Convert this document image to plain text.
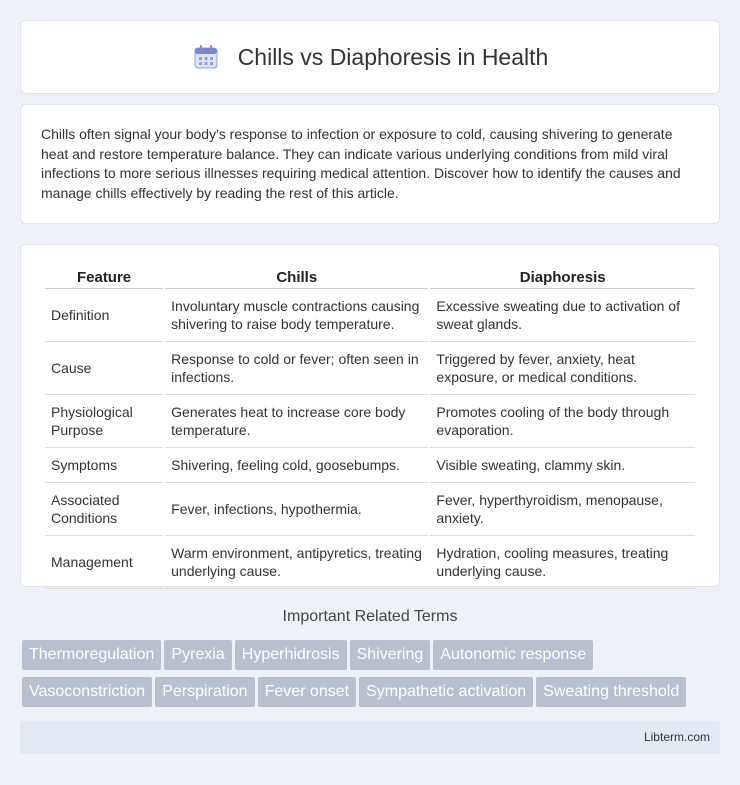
Chills vs Diaphoresis in Health

Chills often signal your body's response to infection or exposure to cold, causing shivering to generate heat and restore temperature balance. They can indicate various underlying conditions from mild viral infections to more serious illnesses requiring medical attention. Discover how to identify the causes and manage chills effectively by reading the rest of this article.

Feature	Chills	Diaphoresis
Definition	Involuntary muscle contractions causing shivering to raise body temperature.	Excessive sweating due to activation of sweat glands.
Cause	Response to cold or fever; often seen in infections.	Triggered by fever, anxiety, heat exposure, or medical conditions.
Physiological Purpose	Generates heat to increase core body temperature.	Promotes cooling of the body through evaporation.
Symptoms	Shivering, feeling cold, goosebumps.	Visible sweating, clammy skin.
Associated Conditions	Fever, infections, hypothermia.	Fever, hyperthyroidism, menopause, anxiety.
Management	Warm environment, antipyretics, treating underlying cause.	Hydration, cooling measures, treating underlying cause.
Important Related Terms
Thermoregulation Pyrexia Hyperhidrosis Shivering Autonomic response
Vasoconstriction Perspiration Fever onset Sympathetic activation Sweating threshold
Libterm.com
